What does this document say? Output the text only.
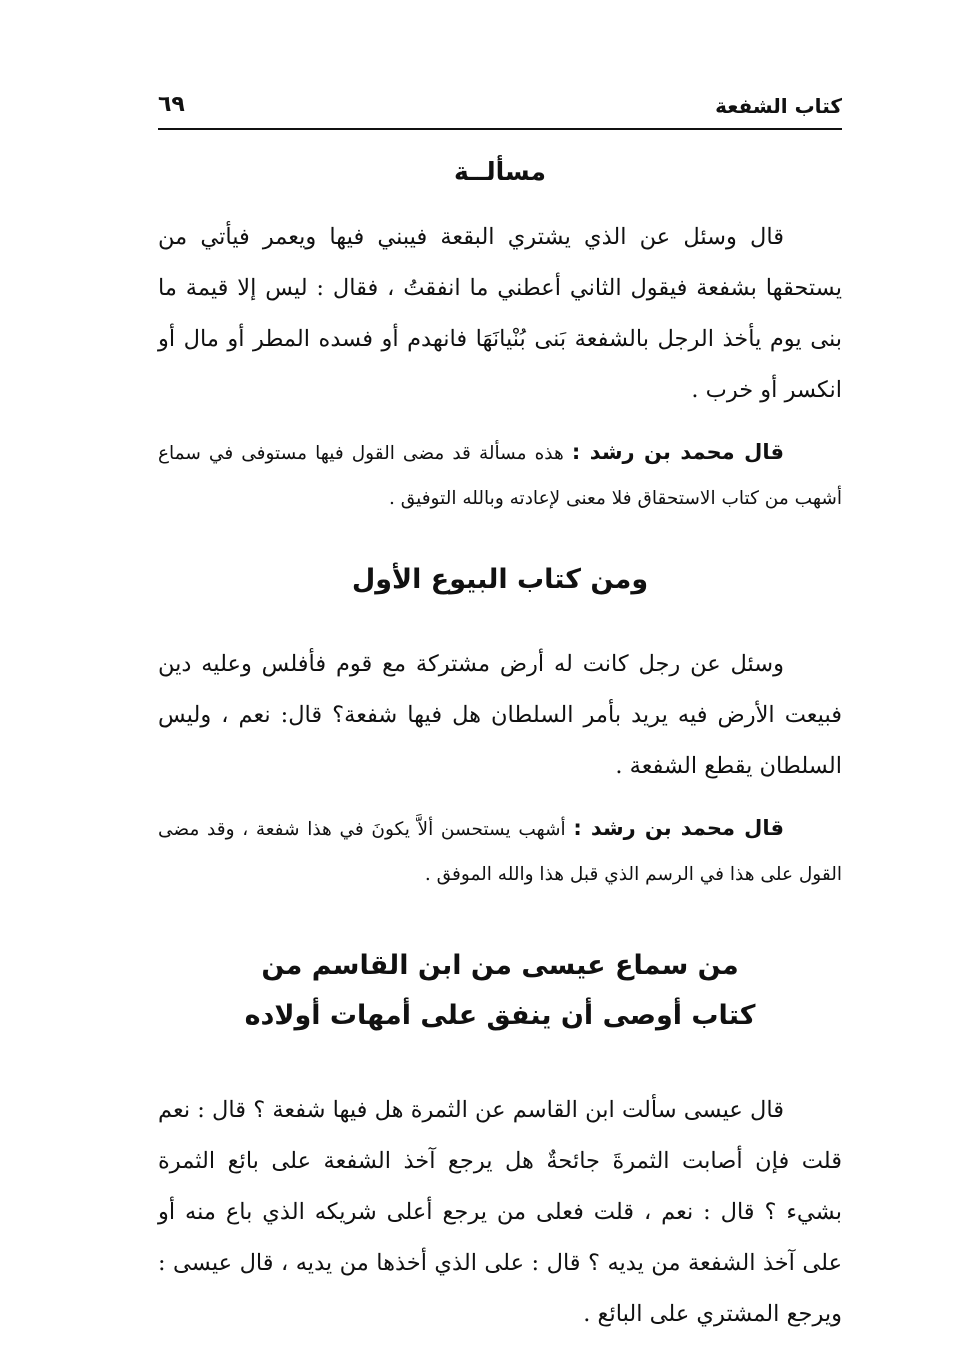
كتاب الشفعة
٦٩
مسألــة

قال وسئل عن الذي يشتري البقعة فيبني فيها ويعمر فيأتي من يستحقها بشفعة فيقول الثاني أعطني ما انفقتُ ، فقال : ليس إلا قيمة ما بنى يوم يأخذ الرجل بالشفعة بَنى بُنْيانَهَا فانهدم أو فسده المطر أو مال أو انكسر أو خرب .

قال محمد بن رشد : هذه مسألة قد مضى القول فيها مستوفى في سماع أشهب من كتاب الاستحقاق فلا معنى لإعادته وبالله التوفيق .

ومن كتاب البيوع الأول

وسئل عن رجل كانت له أرض مشتركة مع قوم فأفلس وعليه دين فبيعت الأرض فيه يريد بأمر السلطان هل فيها شفعة؟ قال: نعم ، وليس السلطان يقطع الشفعة .

قال محمد بن رشد : أشهب يستحسن ألاَّ يكونَ في هذا شفعة ، وقد مضى القول على هذا في الرسم الذي قبل هذا والله الموفق .

من سماع عيسى من ابن القاسم من
كتاب أوصى أن ينفق على أمهات أولاده

قال عيسى سألت ابن القاسم عن الثمرة هل فيها شفعة ؟ قال : نعم قلت فإن أصابت الثمرةَ جائحةٌ هل يرجع آخذ الشفعة على بائع الثمرة بشيء ؟ قال : نعم ، قلت فعلى من يرجع أعلى شريكه الذي باع منه أو على آخذ الشفعة من يديه ؟ قال : على الذي أخذها من يديه ، قال عيسى : ويرجع المشتري على البائع .
